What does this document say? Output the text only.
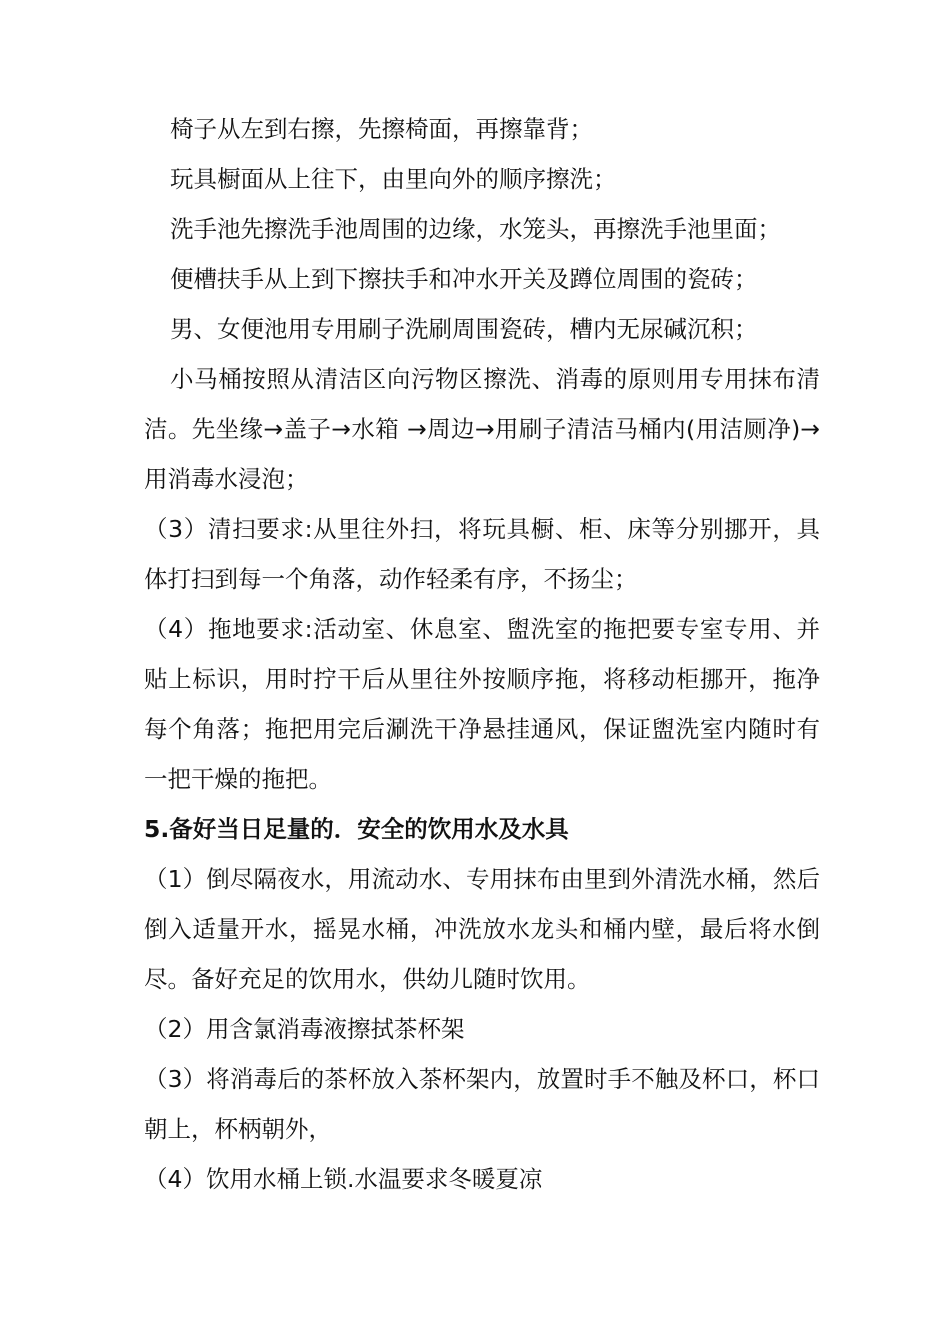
椅子从左到右擦，先擦椅面，再擦靠背；

玩具橱面从上往下，由里向外的顺序擦洗；

洗手池先擦洗手池周围的边缘，水笼头，再擦洗手池里面；

便槽扶手从上到下擦扶手和冲水开关及蹲位周围的瓷砖；

男、女便池用专用刷子洗刷周围瓷砖，槽内无尿碱沉积；

小马桶按照从清洁区向污物区擦洗、消毒的原则用专用抹布清洁。先坐缘→盖子→水箱 →周边→用刷子清洁马桶内(用洁厕净)→用消毒水浸泡；

（3）清扫要求:从里往外扫，将玩具橱、柜、床等分别挪开，具体打扫到每一个角落，动作轻柔有序，不扬尘；

（4）拖地要求:活动室、休息室、盥洗室的拖把要专室专用、并贴上标识，用时拧干后从里往外按顺序拖，将移动柜挪开，拖净每个角落；拖把用完后涮洗干净悬挂通风，保证盥洗室内随时有一把干燥的拖把。

5.备好当日足量的．安全的饮用水及水具

（1）倒尽隔夜水，用流动水、专用抹布由里到外清洗水桶，然后倒入适量开水，摇晃水桶，冲洗放水龙头和桶内壁，最后将水倒尽。备好充足的饮用水，供幼儿随时饮用。

（2）用含氯消毒液擦拭茶杯架

（3）将消毒后的茶杯放入茶杯架内，放置时手不触及杯口，杯口朝上，杯柄朝外，

（4）饮用水桶上锁.水温要求冬暖夏凉
